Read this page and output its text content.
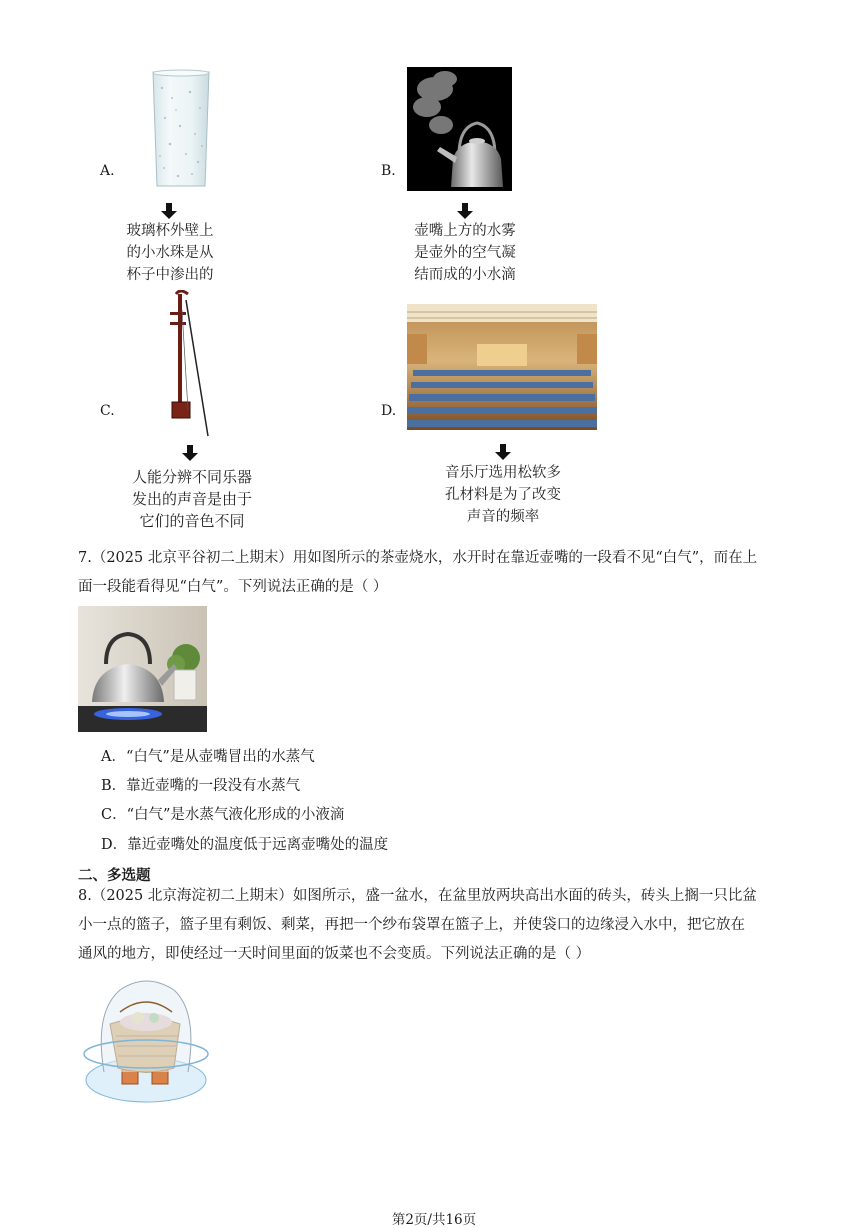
A.
玻璃杯外壁上
的小水珠是从
杯子中渗出的
B.
壶嘴上方的水雾
是壶外的空气凝
结而成的小水滴
C.
人能分辨不同乐器
发出的声音是由于
它们的音色不同
D.
音乐厅选用松软多
孔材料是为了改变
声音的频率
7.（2025 北京平谷初二上期末）用如图所示的茶壶烧水，水开时在靠近壶嘴的一段看不见“白气”，而在上
面一段能看得见“白气”。下列说法正确的是（ ）
A．“白气”是从壶嘴冒出的水蒸气
B．靠近壶嘴的一段没有水蒸气
C．“白气”是水蒸气液化形成的小液滴
D．靠近壶嘴处的温度低于远离壶嘴处的温度
二、多选题
8.（2025 北京海淀初二上期末）如图所示，盛一盆水，在盆里放两块高出水面的砖头，砖头上搁一只比盆
小一点的篮子，篮子里有剩饭、剩菜，再把一个纱布袋罩在篮子上，并使袋口的边缘浸入水中，把它放在
通风的地方，即使经过一天时间里面的饭菜也不会变质。下列说法正确的是（ ）
第2页/共16页
